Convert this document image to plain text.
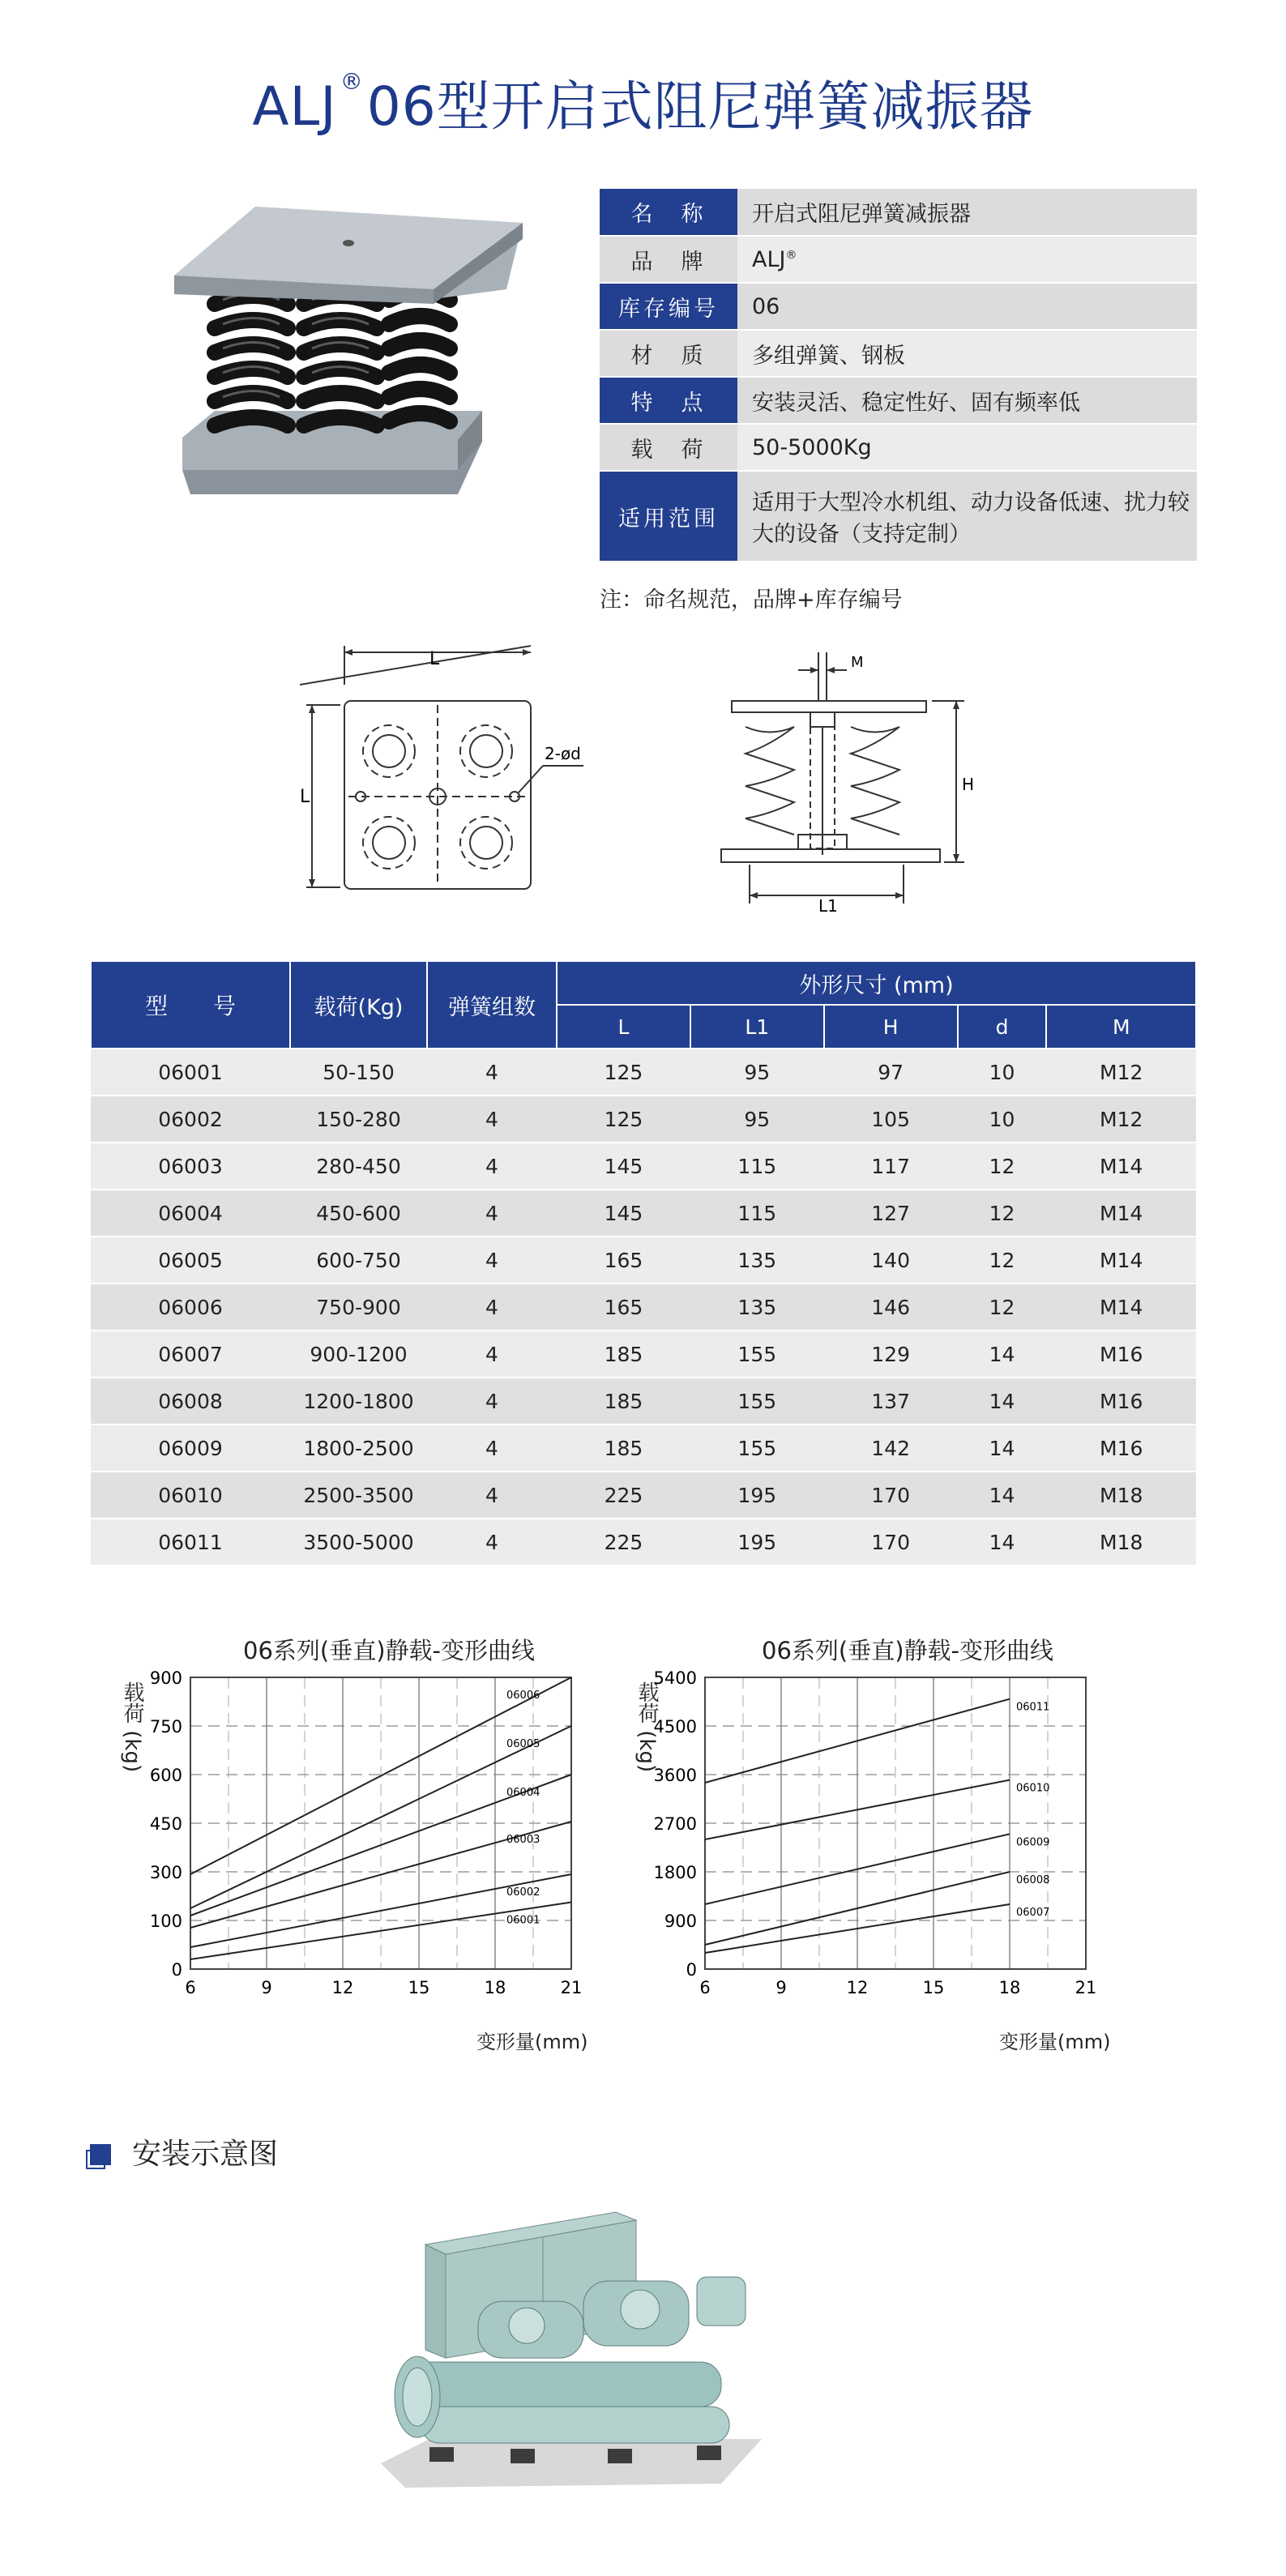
ALJ ®06型开启式阻尼弹簧减振器
名　称	开启式阻尼弹簧减振器
品　牌	ALJ®
库存编号	06
材　质	多组弹簧、钢板
特　点	安装灵活、稳定性好、固有频率低
载　荷	50-5000Kg
适用范围	适用于大型冷水机组、动力设备低速、扰力较大的设备（支持定制）
注：命名规范，品牌+库存编号
L
L
2-ød
M
H
L1
型　　号	载荷(Kg)	弹簧组数	外形尺寸 (mm)				
			L	L1	H	d	M
06001	50-150	4	125	95	97	10	M12
06002	150-280	4	125	95	105	10	M12
06003	280-450	4	145	115	117	12	M14
06004	450-600	4	145	115	127	12	M14
06005	600-750	4	165	135	140	12	M14
06006	750-900	4	165	135	146	12	M14
06007	900-1200	4	185	155	129	14	M16
06008	1200-1800	4	185	155	137	14	M16
06009	1800-2500	4	185	155	142	14	M16
06010	2500-3500	4	225	195	170	14	M18
06011	3500-5000	4	225	195	170	14	M18
06系列(垂直)静载-变形曲线
载荷 (kg)
6	9	12	15	18	21
0
100
300
450
600
750
900
06001
06002
06003
06004
06005
06006
变形量(mm)
06系列(垂直)静载-变形曲线
载荷 (kg)
6	9	12	15	18	21
0
900
1800
2700
3600
4500
5400
06007
06008
06009
06010
06011
变形量(mm)
安装示意图
